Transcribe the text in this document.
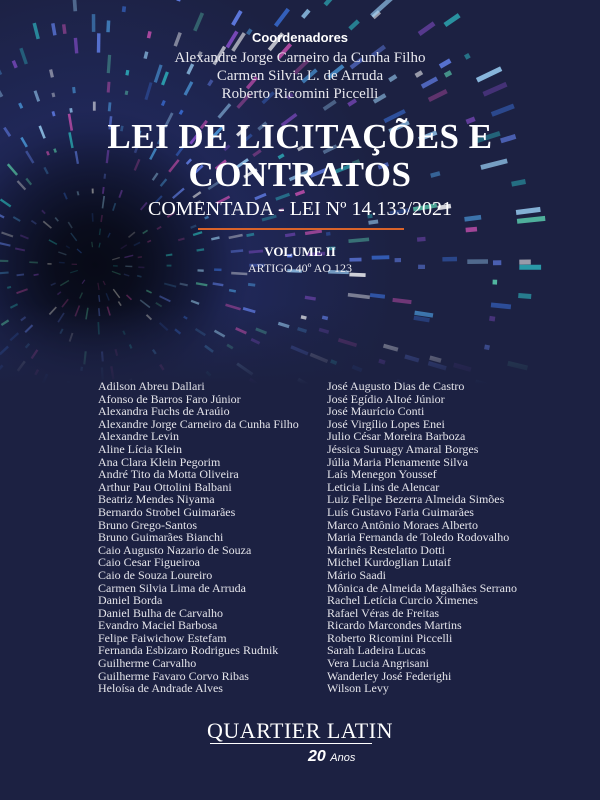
Coordenadores
Alexandre Jorge Carneiro da Cunha Filho
Carmen Silvia L. de Arruda
Roberto Ricomini Piccelli
LEI DE LICITAÇÕES E
CONTRATOS
COMENTADA - LEI Nº 14.133/2021
VOLUME II
ARTIGO 40º AO 123
Adilson Abreu Dallari
Afonso de Barros Faro Júnior
Alexandra Fuchs de Araúio
Alexandre Jorge Carneiro da Cunha Filho
Alexandre Levin
Aline Lícia Klein
Ana Clara Klein Pegorim
André Tito da Motta Oliveira
Arthur Pau Ottolini Balbani
Beatriz Mendes Niyama
Bernardo Strobel Guimarães
Bruno Grego-Santos
Bruno Guimarães Bianchi
Caio Augusto Nazario de Souza
Caio Cesar Figueiroa
Caio de Souza Loureiro
Carmen Silvia Lima de Arruda
Daniel Borda
Daniel Bulha de Carvalho
Evandro Maciel Barbosa
Felipe Faiwichow Estefam
Fernanda Esbizaro Rodrigues Rudnik
Guilherme Carvalho
Guilherme Favaro Corvo Ribas
Heloísa de Andrade Alves
José Augusto Dias de Castro
José Egídio Altoé Júnior
José Maurício Conti
José Virgílio Lopes Enei
Julio César Moreira Barboza
Jéssica Suruagy Amaral Borges
Júlia Maria Plenamente Silva
Laís Menegon Youssef
Leticia Lins de Alencar
Luiz Felipe Bezerra Almeida Simões
Luís Gustavo Faria Guimarães
Marco Antônio Moraes Alberto
Maria Fernanda de Toledo Rodovalho
Marinês Restelatto Dotti
Michel Kurdoglian Lutaif
Mário Saadi
Mônica de Almeida Magalhães Serrano
Rachel Letícia Curcio Ximenes
Rafael Véras de Freitas
Ricardo Marcondes Martins
Roberto Ricomini Piccelli
Sarah Ladeira Lucas
Vera Lucia Angrisani
Wanderley José Federighi
Wilson Levy
QUARTIER LATIN
20 Anos
